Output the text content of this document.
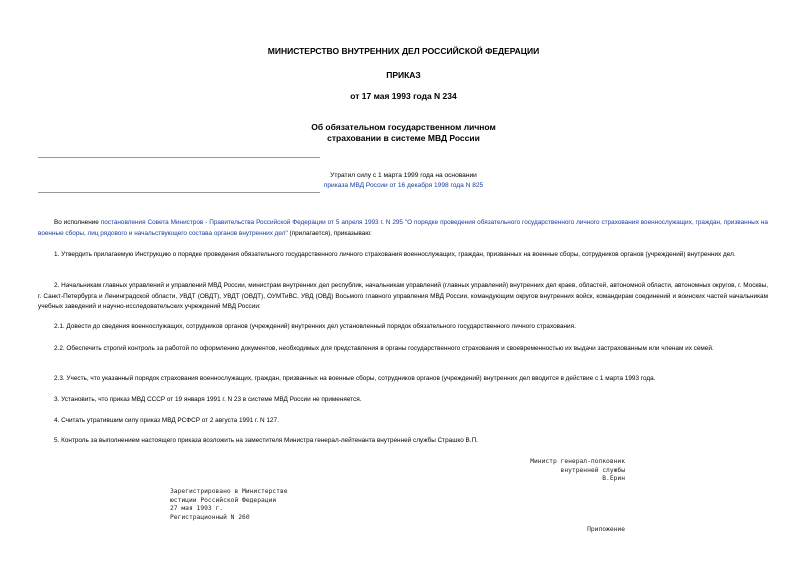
МИНИСТЕРСТВО ВНУТРЕННИХ ДЕЛ РОССИЙСКОЙ ФЕДЕРАЦИИ
ПРИКАЗ
от 17 мая 1993 года N 234
Об обязательном государственном личном
страховании в системе МВД России
Утратил силу с 1 марта 1999 года на основании
приказа МВД России от 16 декабря 1998 года N 825
Во исполнение постановления Совета Министров - Правительства Российской Федерации от 5 апреля 1993 г. N 295 "О порядке проведения обязательного государственного личного страхования военнослужащих, граждан, призванных на военные сборы, лиц рядового и начальствующего состава органов внутренних дел" (прилагается), приказываю:
1. Утвердить прилагаемую Инструкцию о порядке проведения обязательного государственного личного страхования военнослужащих, граждан, призванных на военные сборы, сотрудников органов (учреждений) внутренних дел.
2. Начальникам главных управлений и управлений МВД России, министрам внутренних дел республик, начальникам управлений (главных управлений) внутренних дел краев, областей, автономной области, автономных округов, г. Москвы, г. Санкт-Петербурга и Ленинградской области, УВДТ (ОВДТ), УВДТ (ОВДТ), ОУМТиВС, УВД (ОВД) Восьмого главного управления МВД России, командующим округов внутренних войск, командирам соединений и воинских частей начальникам учебных заведений и научно-исследовательских учреждений МВД России:
2.1. Довести до сведения военнослужащих, сотрудников органов (учреждений) внутренних дел установленный порядок обязательного государственного личного страхования.
2.2. Обеспечить строгий контроль за работой по оформлению документов, необходимых для представления в органы государственного страхования и своевременностью их выдачи застрахованным или членам их семей.
2.3. Учесть, что указанный порядок страхования военнослужащих, граждан, призванных на военные сборы, сотрудников органов (учреждений) внутренних дел вводится в действие с 1 марта 1993 года.
3. Установить, что приказ МВД СССР от 19 января 1991 г. N 23 в системе МВД России не применяется.
4. Считать утратившим силу приказ МВД РСФСР от 2 августа 1991 г. N 127.
5. Контроль за выполнением настоящего приказа возложить на заместителя Министра генерал-лейтенанта внутренней службы Страшко В.П.
Министр генерал-полковник
внутренней службы
В.Ерин
Зарегистрировано в Министерстве
юстиции Российской Федерации
27 мая 1993 г.
Регистрационный N 260
Приложение
